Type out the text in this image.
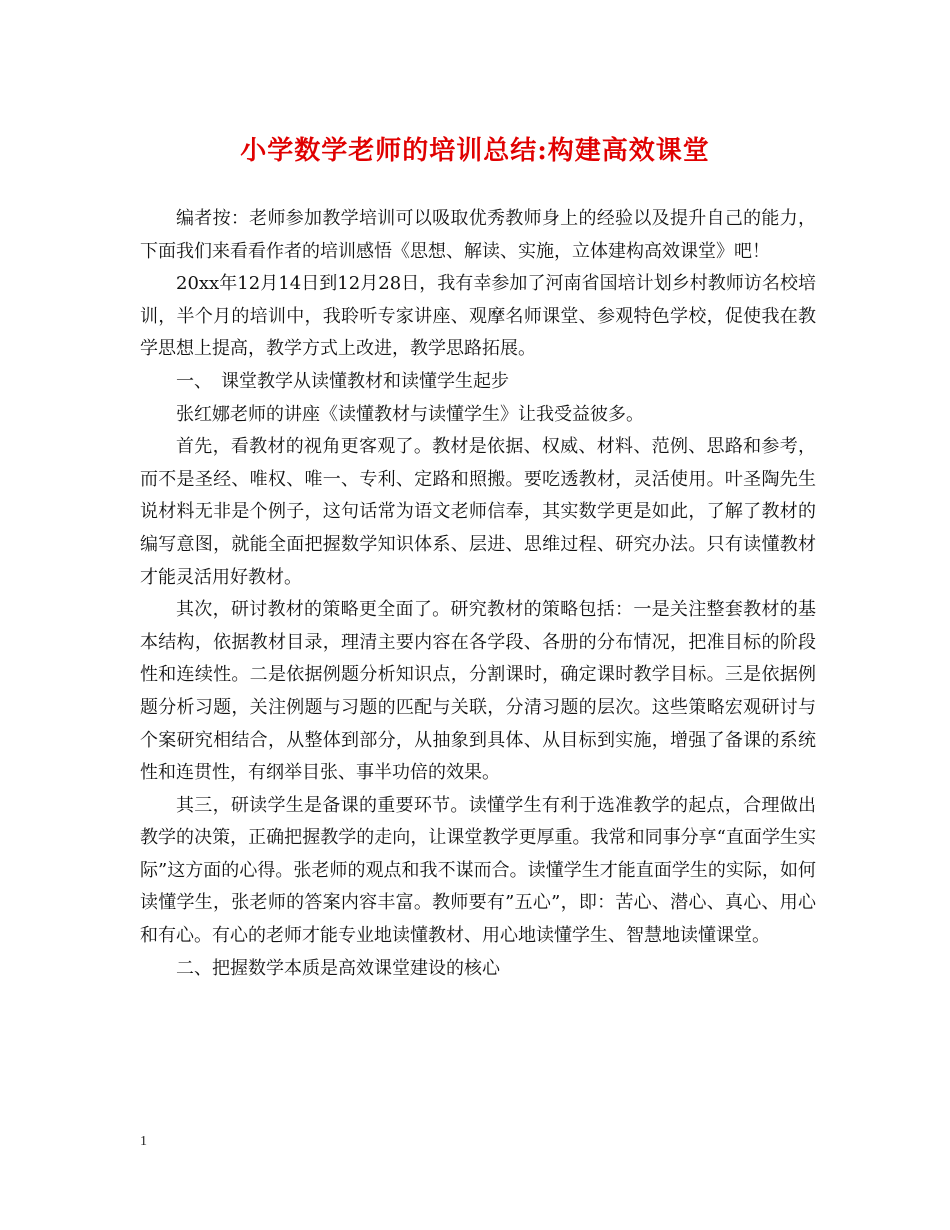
小学数学老师的培训总结:构建高效课堂

编者按：老师参加教学培训可以吸取优秀教师身上的经验以及提升自己的能力，下面我们来看看作者的培训感悟《思想、解读、实施，立体建构高效课堂》吧！

20xx年12月14日到12月28日，我有幸参加了河南省国培计划乡村教师访名校培训，半个月的培训中，我聆听专家讲座、观摩名师课堂、参观特色学校，促使我在教学思想上提高，教学方式上改进，教学思路拓展。

一、　课堂教学从读懂教材和读懂学生起步

张红娜老师的讲座《读懂教材与读懂学生》让我受益彼多。

首先，看教材的视角更客观了。教材是依据、权威、材料、范例、思路和参考，而不是圣经、唯权、唯一、专利、定路和照搬。要吃透教材，灵活使用。叶圣陶先生说材料无非是个例子，这句话常为语文老师信奉，其实数学更是如此，了解了教材的编写意图，就能全面把握数学知识体系、层进、思维过程、研究办法。只有读懂教材才能灵活用好教材。

其次，研讨教材的策略更全面了。研究教材的策略包括：一是关注整套教材的基本结构，依据教材目录，理清主要内容在各学段、各册的分布情况，把准目标的阶段性和连续性。二是依据例题分析知识点，分割课时，确定课时教学目标。三是依据例题分析习题，关注例题与习题的匹配与关联，分清习题的层次。这些策略宏观研讨与个案研究相结合，从整体到部分，从抽象到具体、从目标到实施，增强了备课的系统性和连贯性，有纲举目张、事半功倍的效果。

其三，研读学生是备课的重要环节。读懂学生有利于选准教学的起点，合理做出教学的决策，正确把握教学的走向，让课堂教学更厚重。我常和同事分享“直面学生实际”这方面的心得。张老师的观点和我不谋而合。读懂学生才能直面学生的实际，如何读懂学生，张老师的答案内容丰富。教师要有”五心”，即：苦心、潜心、真心、用心和有心。有心的老师才能专业地读懂教材、用心地读懂学生、智慧地读懂课堂。

二、把握数学本质是高效课堂建设的核心

1
